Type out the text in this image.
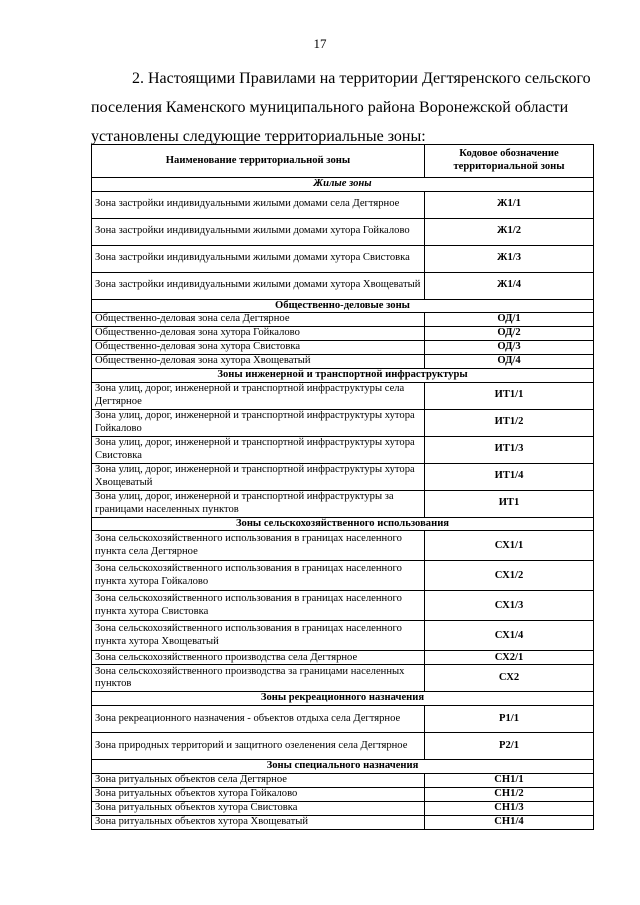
17
2. Настоящими Правилами на территории Дегтяренского сельского
поселения Каменского муниципального района Воронежской области
установлены следующие территориальные зоны:
Наименование территориальной зоны	Кодовое обозначение территориальной зоны
Жилые зоны	
Зона застройки индивидуальными жилыми домами села Дегтярное	Ж1/1
Зона застройки индивидуальными жилыми домами хутора Гойкалово	Ж1/2
Зона застройки индивидуальными жилыми домами хутора Свистовка	Ж1/3
Зона застройки индивидуальными жилыми домами хутора Хвощеватый	Ж1/4
Общественно-деловые зоны	
Общественно-деловая зона села Дегтярное	ОД/1
Общественно-деловая зона хутора Гойкалово	ОД/2
Общественно-деловая зона хутора Свистовка	ОД/3
Общественно-деловая зона хутора Хвощеватый	ОД/4
Зоны инженерной и транспортной инфраструктуры	
Зона улиц, дорог, инженерной и транспортной инфраструктуры села Дегтярное	ИТ1/1
Зона улиц, дорог, инженерной и транспортной инфраструктуры хутора Гойкалово	ИТ1/2
Зона улиц, дорог, инженерной и транспортной инфраструктуры хутора Свистовка	ИТ1/3
Зона улиц, дорог, инженерной и транспортной инфраструктуры хутора Хвощеватый	ИТ1/4
Зона улиц, дорог, инженерной и транспортной инфраструктуры за границами населенных пунктов	ИТ1
Зоны сельскохозяйственного использования	
Зона сельскохозяйственного использования в границах населенного пункта села Дегтярное	СХ1/1
Зона сельскохозяйственного использования в границах населенного пункта хутора Гойкалово	СХ1/2
Зона сельскохозяйственного использования в границах населенного пункта хутора Свистовка	СХ1/3
Зона сельскохозяйственного использования в границах населенного пункта хутора Хвощеватый	СХ1/4
Зона сельскохозяйственного производства села Дегтярное	СХ2/1
Зона сельскохозяйственного производства за границами населенных пунктов	СХ2
Зоны рекреационного назначения	
Зона рекреационного назначения - объектов отдыха села Дегтярное	Р1/1
Зона природных территорий и защитного озеленения села Дегтярное	Р2/1
Зоны специального назначения	
Зона ритуальных объектов села Дегтярное	СН1/1
Зона ритуальных объектов хутора Гойкалово	СН1/2
Зона ритуальных объектов хутора Свистовка	СН1/3
Зона ритуальных объектов хутора Хвощеватый	СН1/4
